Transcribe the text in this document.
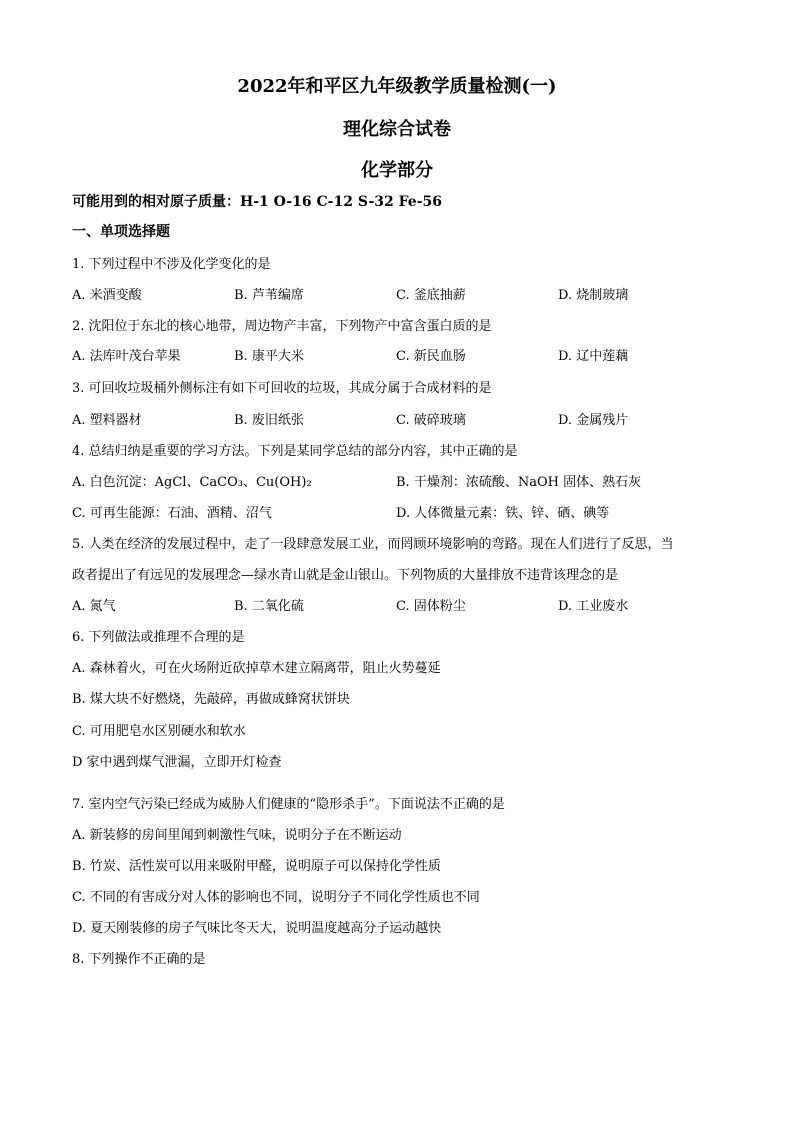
2022年和平区九年级教学质量检测(一)
理化综合试卷
化学部分
可能用到的相对原子质量：H-1 O-16 C-12 S-32 Fe-56
一、单项选择题
1. 下列过程中不涉及化学变化的是
A. 米酒变酸	B. 芦苇编席	C. 釜底抽薪	D. 烧制玻璃
2. 沈阳位于东北的核心地带，周边物产丰富，下列物产中富含蛋白质的是
A. 法库叶茂台苹果	B. 康平大米	C. 新民血肠	D. 辽中莲藕
3. 可回收垃圾桶外侧标注有如下可回收的垃圾，其成分属于合成材料的是
A. 塑料器材	B. 废旧纸张	C. 破碎玻璃	D. 金属残片
4. 总结归纳是重要的学习方法。下列是某同学总结的部分内容，其中正确的是
A. 白色沉淀：AgCl、CaCO₃、Cu(OH)₂	B. 干燥剂：浓硫酸、NaOH 固体、熟石灰
C. 可再生能源：石油、酒精、沼气	D. 人体微量元素：铁、锌、硒、碘等
5. 人类在经济的发展过程中，走了一段肆意发展工业，而罔顾环境影响的弯路。现在人们进行了反思，当
政者提出了有远见的发展理念—绿水青山就是金山银山。下列物质的大量排放不违背该理念的是
A. 氮气	B. 二氧化硫	C. 固体粉尘	D. 工业废水
6. 下列做法或推理不合理的是
A. 森林着火，可在火场附近砍掉草木建立隔离带，阻止火势蔓延
B. 煤大块不好燃烧，先敲碎，再做成蜂窝状饼块
C. 可用肥皂水区别硬水和软水
D 家中遇到煤气泄漏，立即开灯检查
7. 室内空气污染已经成为威胁人们健康的“隐形杀手”。下面说法不正确的是
A. 新装修的房间里闻到刺激性气味，说明分子在不断运动
B. 竹炭、活性炭可以用来吸附甲醛，说明原子可以保持化学性质
C. 不同的有害成分对人体的影响也不同，说明分子不同化学性质也不同
D. 夏天刚装修的房子气味比冬天大，说明温度越高分子运动越快
8. 下列操作不正确的是
